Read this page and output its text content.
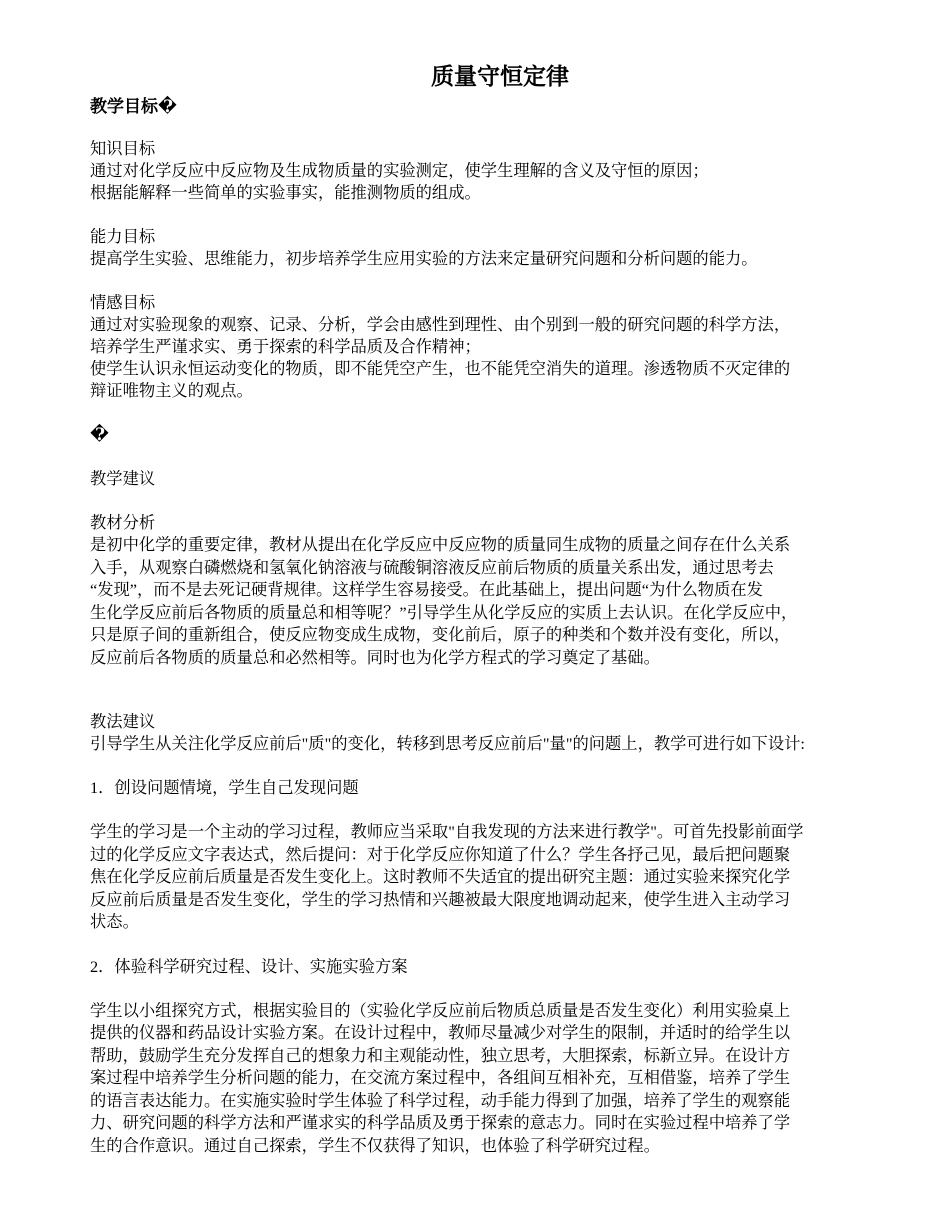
质量守恒定律

教学目标�

知识目标

通过对化学反应中反应物及生成物质量的实验测定，使学生理解的含义及守恒的原因；

根据能解释一些简单的实验事实，能推测物质的组成。

能力目标

提高学生实验、思维能力，初步培养学生应用实验的方法来定量研究问题和分析问题的能力。

情感目标

通过对实验现象的观察、记录、分析，学会由感性到理性、由个别到一般的研究问题的科学方法，

培养学生严谨求实、勇于探索的科学品质及合作精神；

使学生认识永恒运动变化的物质，即不能凭空产生，也不能凭空消失的道理。渗透物质不灭定律的

辩证唯物主义的观点。

�

教学建议

教材分析

是初中化学的重要定律，教材从提出在化学反应中反应物的质量同生成物的质量之间存在什么关系

入手，从观察白磷燃烧和氢氧化钠溶液与硫酸铜溶液反应前后物质的质量关系出发，通过思考去

“发现”，而不是去死记硬背规律。这样学生容易接受。在此基础上，提出问题“为什么物质在发

生化学反应前后各物质的质量总和相等呢？”引导学生从化学反应的实质上去认识。在化学反应中，

只是原子间的重新组合，使反应物变成生成物，变化前后，原子的种类和个数并没有变化，所以，

反应前后各物质的质量总和必然相等。同时也为化学方程式的学习奠定了基础。

教法建议

引导学生从关注化学反应前后"质"的变化，转移到思考反应前后"量"的问题上，教学可进行如下设计:

1．创设问题情境，学生自己发现问题

学生的学习是一个主动的学习过程，教师应当采取"自我发现的方法来进行教学"。可首先投影前面学

过的化学反应文字表达式，然后提问：对于化学反应你知道了什么？学生各抒己见，最后把问题聚

焦在化学反应前后质量是否发生变化上。这时教师不失适宜的提出研究主题：通过实验来探究化学

反应前后质量是否发生变化，学生的学习热情和兴趣被最大限度地调动起来，使学生进入主动学习

状态。

2．体验科学研究过程、设计、实施实验方案

学生以小组探究方式，根据实验目的（实验化学反应前后物质总质量是否发生变化）利用实验桌上

提供的仪器和药品设计实验方案。在设计过程中，教师尽量减少对学生的限制，并适时的给学生以

帮助，鼓励学生充分发挥自己的想象力和主观能动性，独立思考，大胆探索，标新立异。在设计方

案过程中培养学生分析问题的能力，在交流方案过程中，各组间互相补充，互相借鉴，培养了学生

的语言表达能力。在实施实验时学生体验了科学过程，动手能力得到了加强，培养了学生的观察能

力、研究问题的科学方法和严谨求实的科学品质及勇于探索的意志力。同时在实验过程中培养了学

生的合作意识。通过自己探索，学生不仅获得了知识，也体验了科学研究过程。
